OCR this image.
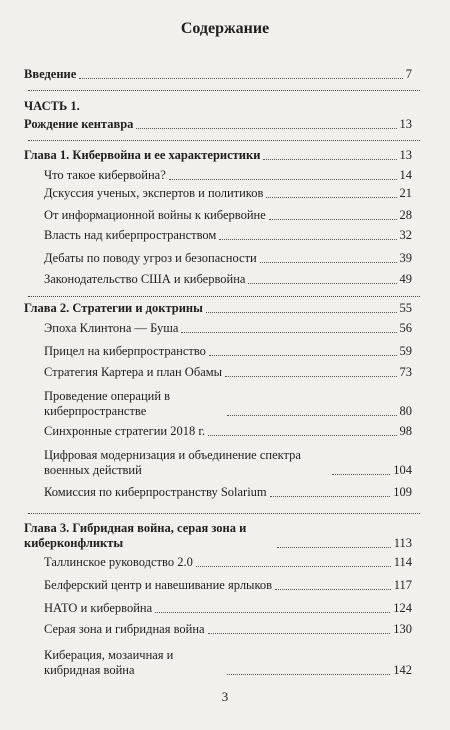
Содержание
Введение	7
ЧАСТЬ 1.
Рождение кентавра	13
Глава 1. Кибервойна и ее характеристики	13
Что такое кибервойна?	14
Дскуссия ученых, экспертов и политиков	21
От информационной войны к кибервойне	28
Власть над киберпространством	32
Дебаты по поводу угроз и безопасности	39
Законодательство США и кибервойна	49
Глава 2. Стратегии и доктрины	55
Эпоха Клинтона — Буша	56
Прицел на киберпространство	59
Стратегия Картера и план Обамы	73
Проведение операций в киберпространстве	80
Синхронные стратегии 2018 г.	98
Цифровая модернизация и объединение спектра военных действий	104
Комиссия по киберпространству Solarium	109
Глава 3. Гибридная война, серая зона и киберконфликты	113
Таллинское руководство 2.0	114
Белферский центр и навешивание ярлыков	117
НАТО и кибервойна	124
Серая зона и гибридная война	130
Киберация, мозаичная и кибридная война	142
3
